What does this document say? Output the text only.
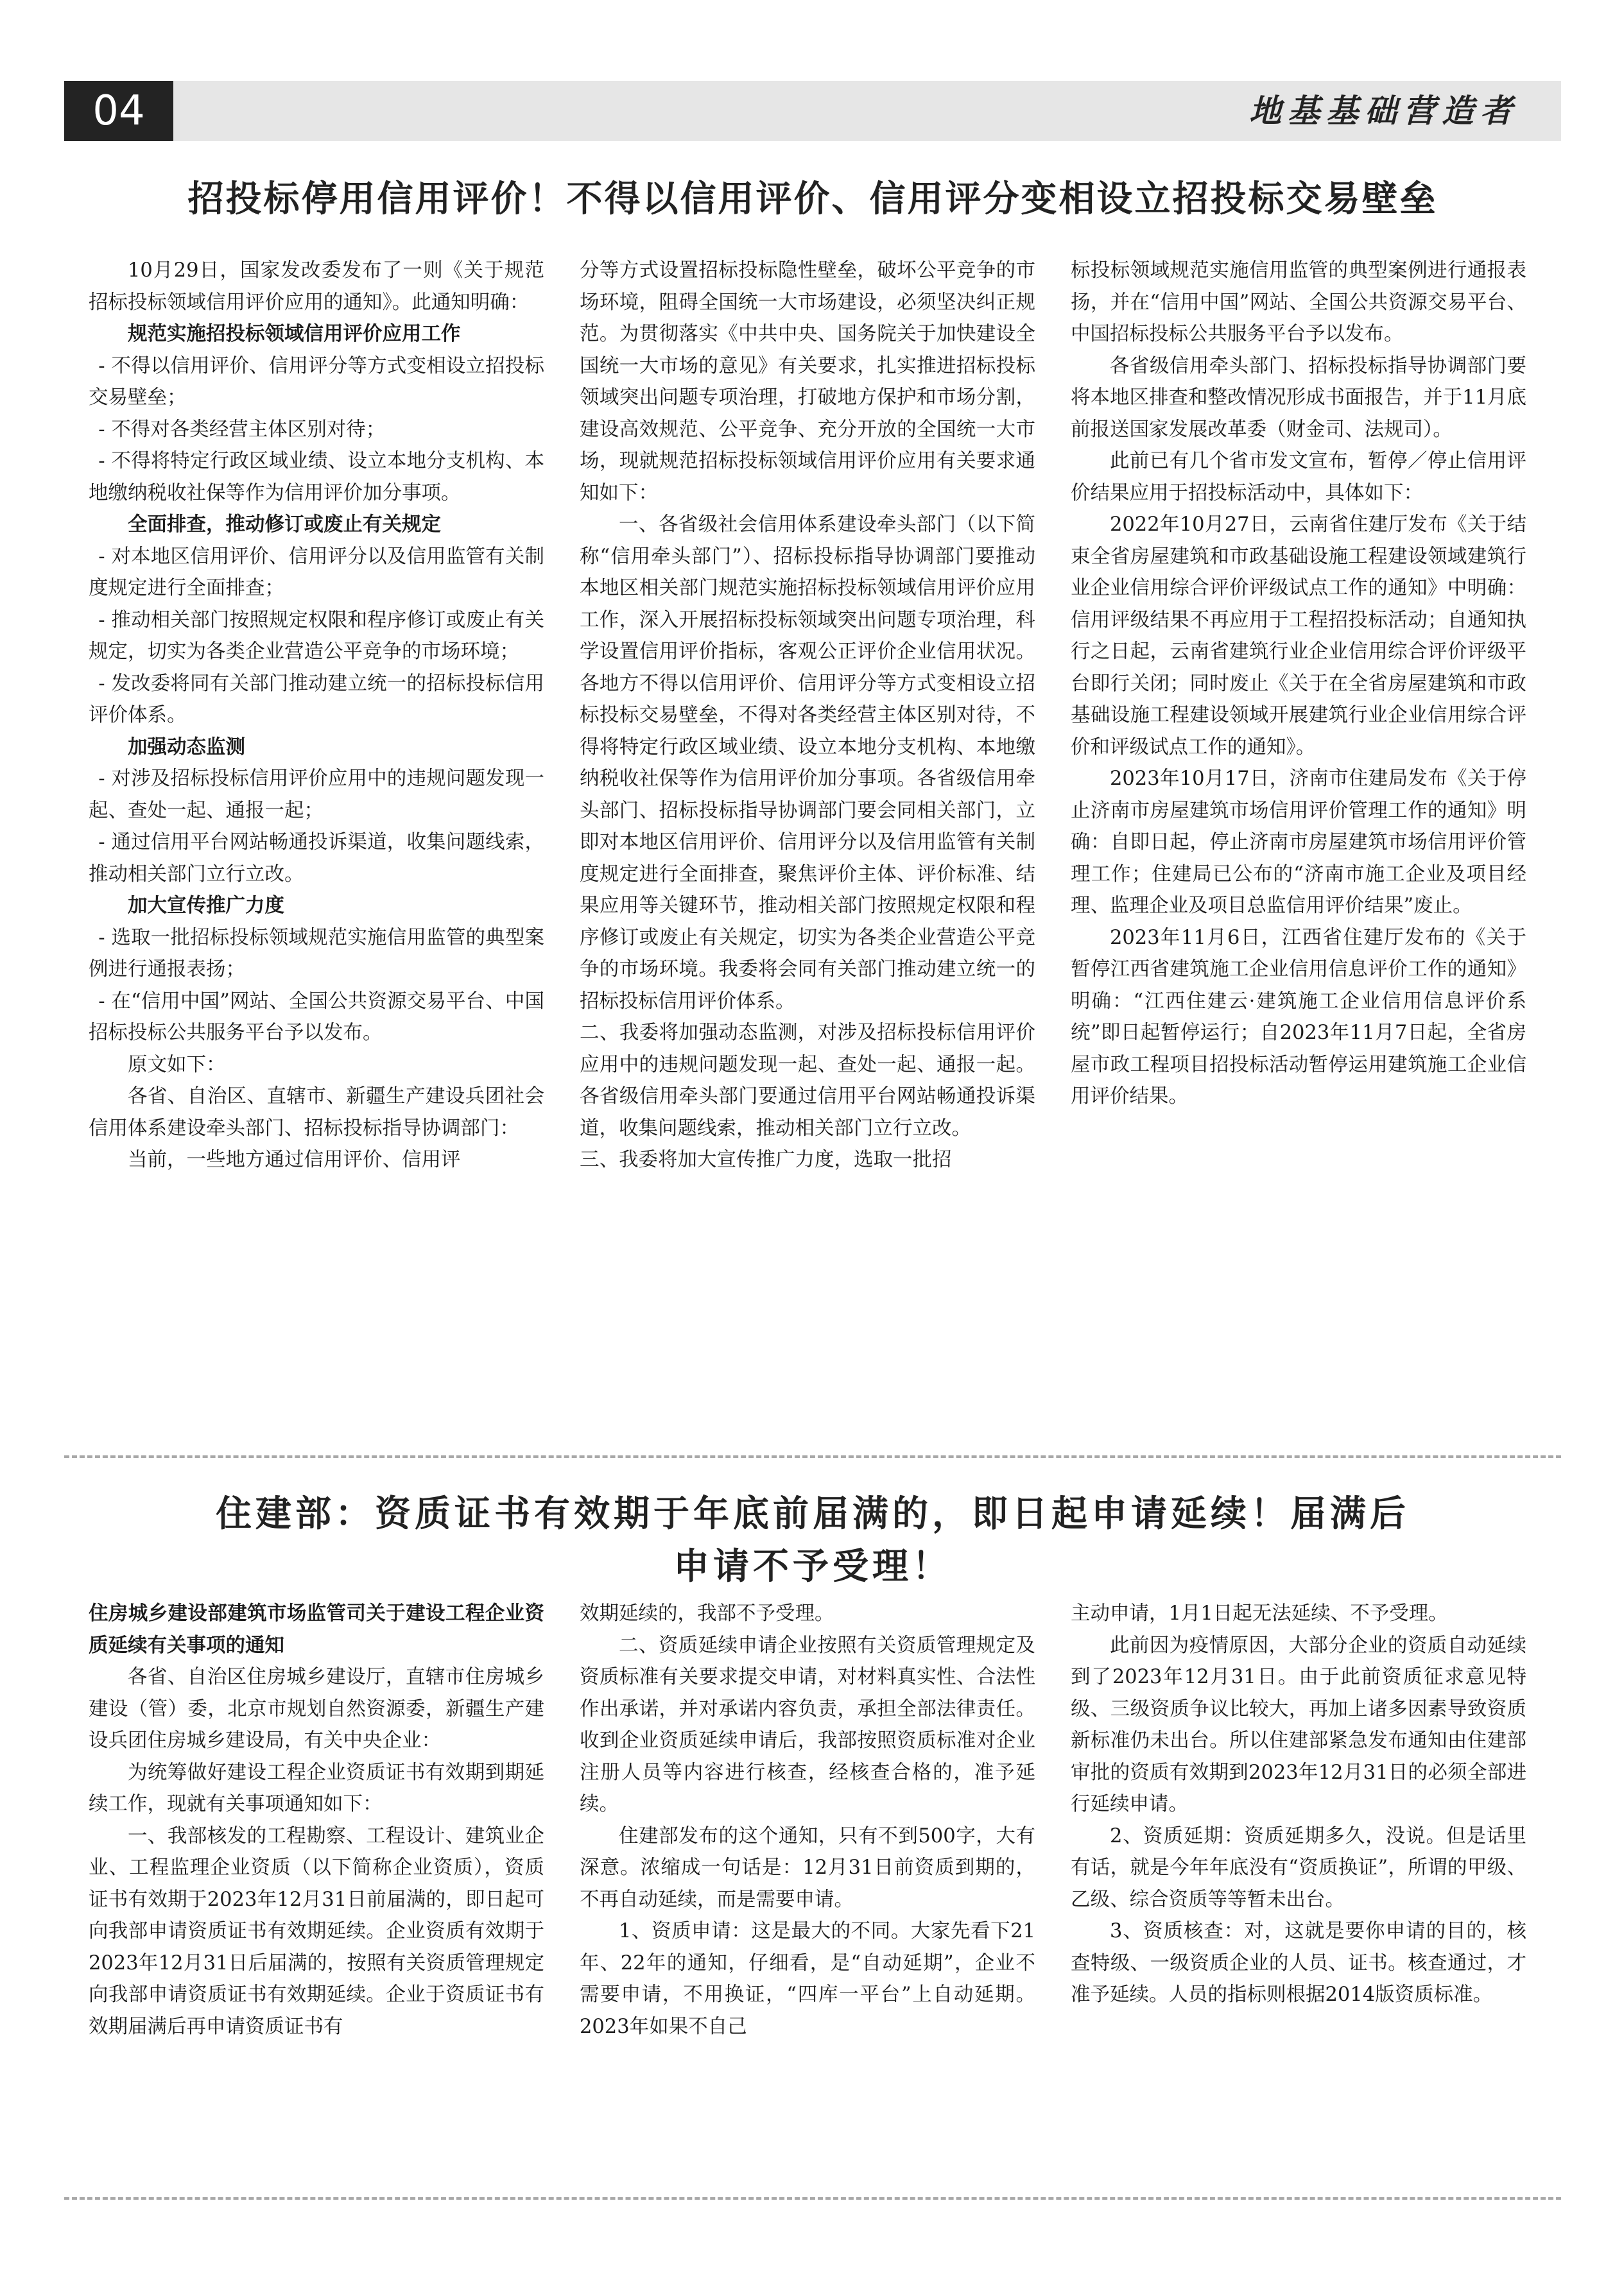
04	地基基础营造者
招投标停用信用评价！不得以信用评价、信用评分变相设立招投标交易壁垒

10月29日，国家发改委发布了一则《关于规范招标投标领域信用评价应用的通知》。此通知明确：

规范实施招投标领域信用评价应用工作

- 不得以信用评价、信用评分等方式变相设立招投标交易壁垒；

- 不得对各类经营主体区别对待；

- 不得将特定行政区域业绩、设立本地分支机构、本地缴纳税收社保等作为信用评价加分事项。

全面排查，推动修订或废止有关规定

- 对本地区信用评价、信用评分以及信用监管有关制度规定进行全面排查；

- 推动相关部门按照规定权限和程序修订或废止有关规定，切实为各类企业营造公平竞争的市场环境；

- 发改委将同有关部门推动建立统一的招标投标信用评价体系。

加强动态监测

- 对涉及招标投标信用评价应用中的违规问题发现一起、查处一起、通报一起；

- 通过信用平台网站畅通投诉渠道，收集问题线索，推动相关部门立行立改。

加大宣传推广力度

- 选取一批招标投标领域规范实施信用监管的典型案例进行通报表扬；

- 在“信用中国”网站、全国公共资源交易平台、中国招标投标公共服务平台予以发布。

原文如下：

各省、自治区、直辖市、新疆生产建设兵团社会信用体系建设牵头部门、招标投标指导协调部门：

当前，一些地方通过信用评价、信用评

分等方式设置招标投标隐性壁垒，破坏公平竞争的市场环境，阻碍全国统一大市场建设，必须坚决纠正规范。为贯彻落实《中共中央、国务院关于加快建设全国统一大市场的意见》有关要求，扎实推进招标投标领域突出问题专项治理，打破地方保护和市场分割，建设高效规范、公平竞争、充分开放的全国统一大市场，现就规范招标投标领域信用评价应用有关要求通知如下：

一、各省级社会信用体系建设牵头部门（以下简称“信用牵头部门”）、招标投标指导协调部门要推动本地区相关部门规范实施招标投标领域信用评价应用工作，深入开展招标投标领域突出问题专项治理，科学设置信用评价指标，客观公正评价企业信用状况。各地方不得以信用评价、信用评分等方式变相设立招标投标交易壁垒，不得对各类经营主体区别对待，不得将特定行政区域业绩、设立本地分支机构、本地缴纳税收社保等作为信用评价加分事项。各省级信用牵头部门、招标投标指导协调部门要会同相关部门，立即对本地区信用评价、信用评分以及信用监管有关制度规定进行全面排查，聚焦评价主体、评价标准、结果应用等关键环节，推动相关部门按照规定权限和程序修订或废止有关规定，切实为各类企业营造公平竞争的市场环境。我委将会同有关部门推动建立统一的招标投标信用评价体系。

二、我委将加强动态监测，对涉及招标投标信用评价应用中的违规问题发现一起、查处一起、通报一起。各省级信用牵头部门要通过信用平台网站畅通投诉渠道，收集问题线索，推动相关部门立行立改。

三、我委将加大宣传推广力度，选取一批招

标投标领域规范实施信用监管的典型案例进行通报表扬，并在“信用中国”网站、全国公共资源交易平台、中国招标投标公共服务平台予以发布。

各省级信用牵头部门、招标投标指导协调部门要将本地区排查和整改情况形成书面报告，并于11月底前报送国家发展改革委（财金司、法规司）。

此前已有几个省市发文宣布，暂停／停止信用评价结果应用于招投标活动中，具体如下：

2022年10月27日，云南省住建厅发布《关于结束全省房屋建筑和市政基础设施工程建设领域建筑行业企业信用综合评价评级试点工作的通知》中明确：信用评级结果不再应用于工程招投标活动；自通知执行之日起，云南省建筑行业企业信用综合评价评级平台即行关闭；同时废止《关于在全省房屋建筑和市政基础设施工程建设领域开展建筑行业企业信用综合评价和评级试点工作的通知》。

2023年10月17日，济南市住建局发布《关于停止济南市房屋建筑市场信用评价管理工作的通知》明确：自即日起，停止济南市房屋建筑市场信用评价管理工作；住建局已公布的“济南市施工企业及项目经理、监理企业及项目总监信用评价结果”废止。

2023年11月6日，江西省住建厅发布的《关于暂停江西省建筑施工企业信用信息评价工作的通知》明确：“江西住建云·建筑施工企业信用信息评价系统”即日起暂停运行；自2023年11月7日起，全省房屋市政工程项目招投标活动暂停运用建筑施工企业信用评价结果。

住建部：资质证书有效期于年底前届满的，即日起申请延续！届满后
申请不予受理！

住房城乡建设部建筑市场监管司关于建设工程企业资质延续有关事项的通知

各省、自治区住房城乡建设厅，直辖市住房城乡建设（管）委，北京市规划自然资源委，新疆生产建设兵团住房城乡建设局，有关中央企业：

为统筹做好建设工程企业资质证书有效期到期延续工作，现就有关事项通知如下：

一、我部核发的工程勘察、工程设计、建筑业企业、工程监理企业资质（以下简称企业资质），资质证书有效期于2023年12月31日前届满的，即日起可向我部申请资质证书有效期延续。企业资质有效期于2023年12月31日后届满的，按照有关资质管理规定向我部申请资质证书有效期延续。企业于资质证书有效期届满后再申请资质证书有

效期延续的，我部不予受理。

二、资质延续申请企业按照有关资质管理规定及资质标准有关要求提交申请，对材料真实性、合法性作出承诺，并对承诺内容负责，承担全部法律责任。收到企业资质延续申请后，我部按照资质标准对企业注册人员等内容进行核查，经核查合格的，准予延续。

住建部发布的这个通知，只有不到500字，大有深意。浓缩成一句话是：12月31日前资质到期的，不再自动延续，而是需要申请。

1、资质申请：这是最大的不同。大家先看下21年、22年的通知，仔细看，是“自动延期”，企业不需要申请，不用换证，“四库一平台”上自动延期。2023年如果不自己

主动申请，1月1日起无法延续、不予受理。

此前因为疫情原因，大部分企业的资质自动延续到了2023年12月31日。由于此前资质征求意见特级、三级资质争议比较大，再加上诸多因素导致资质新标准仍未出台。所以住建部紧急发布通知由住建部审批的资质有效期到2023年12月31日的必须全部进行延续申请。

2、资质延期：资质延期多久，没说。但是话里有话，就是今年年底没有“资质换证”，所谓的甲级、乙级、综合资质等等暂未出台。

3、资质核查：对，这就是要你申请的目的，核查特级、一级资质企业的人员、证书。核查通过，才准予延续。人员的指标则根据2014版资质标准。
